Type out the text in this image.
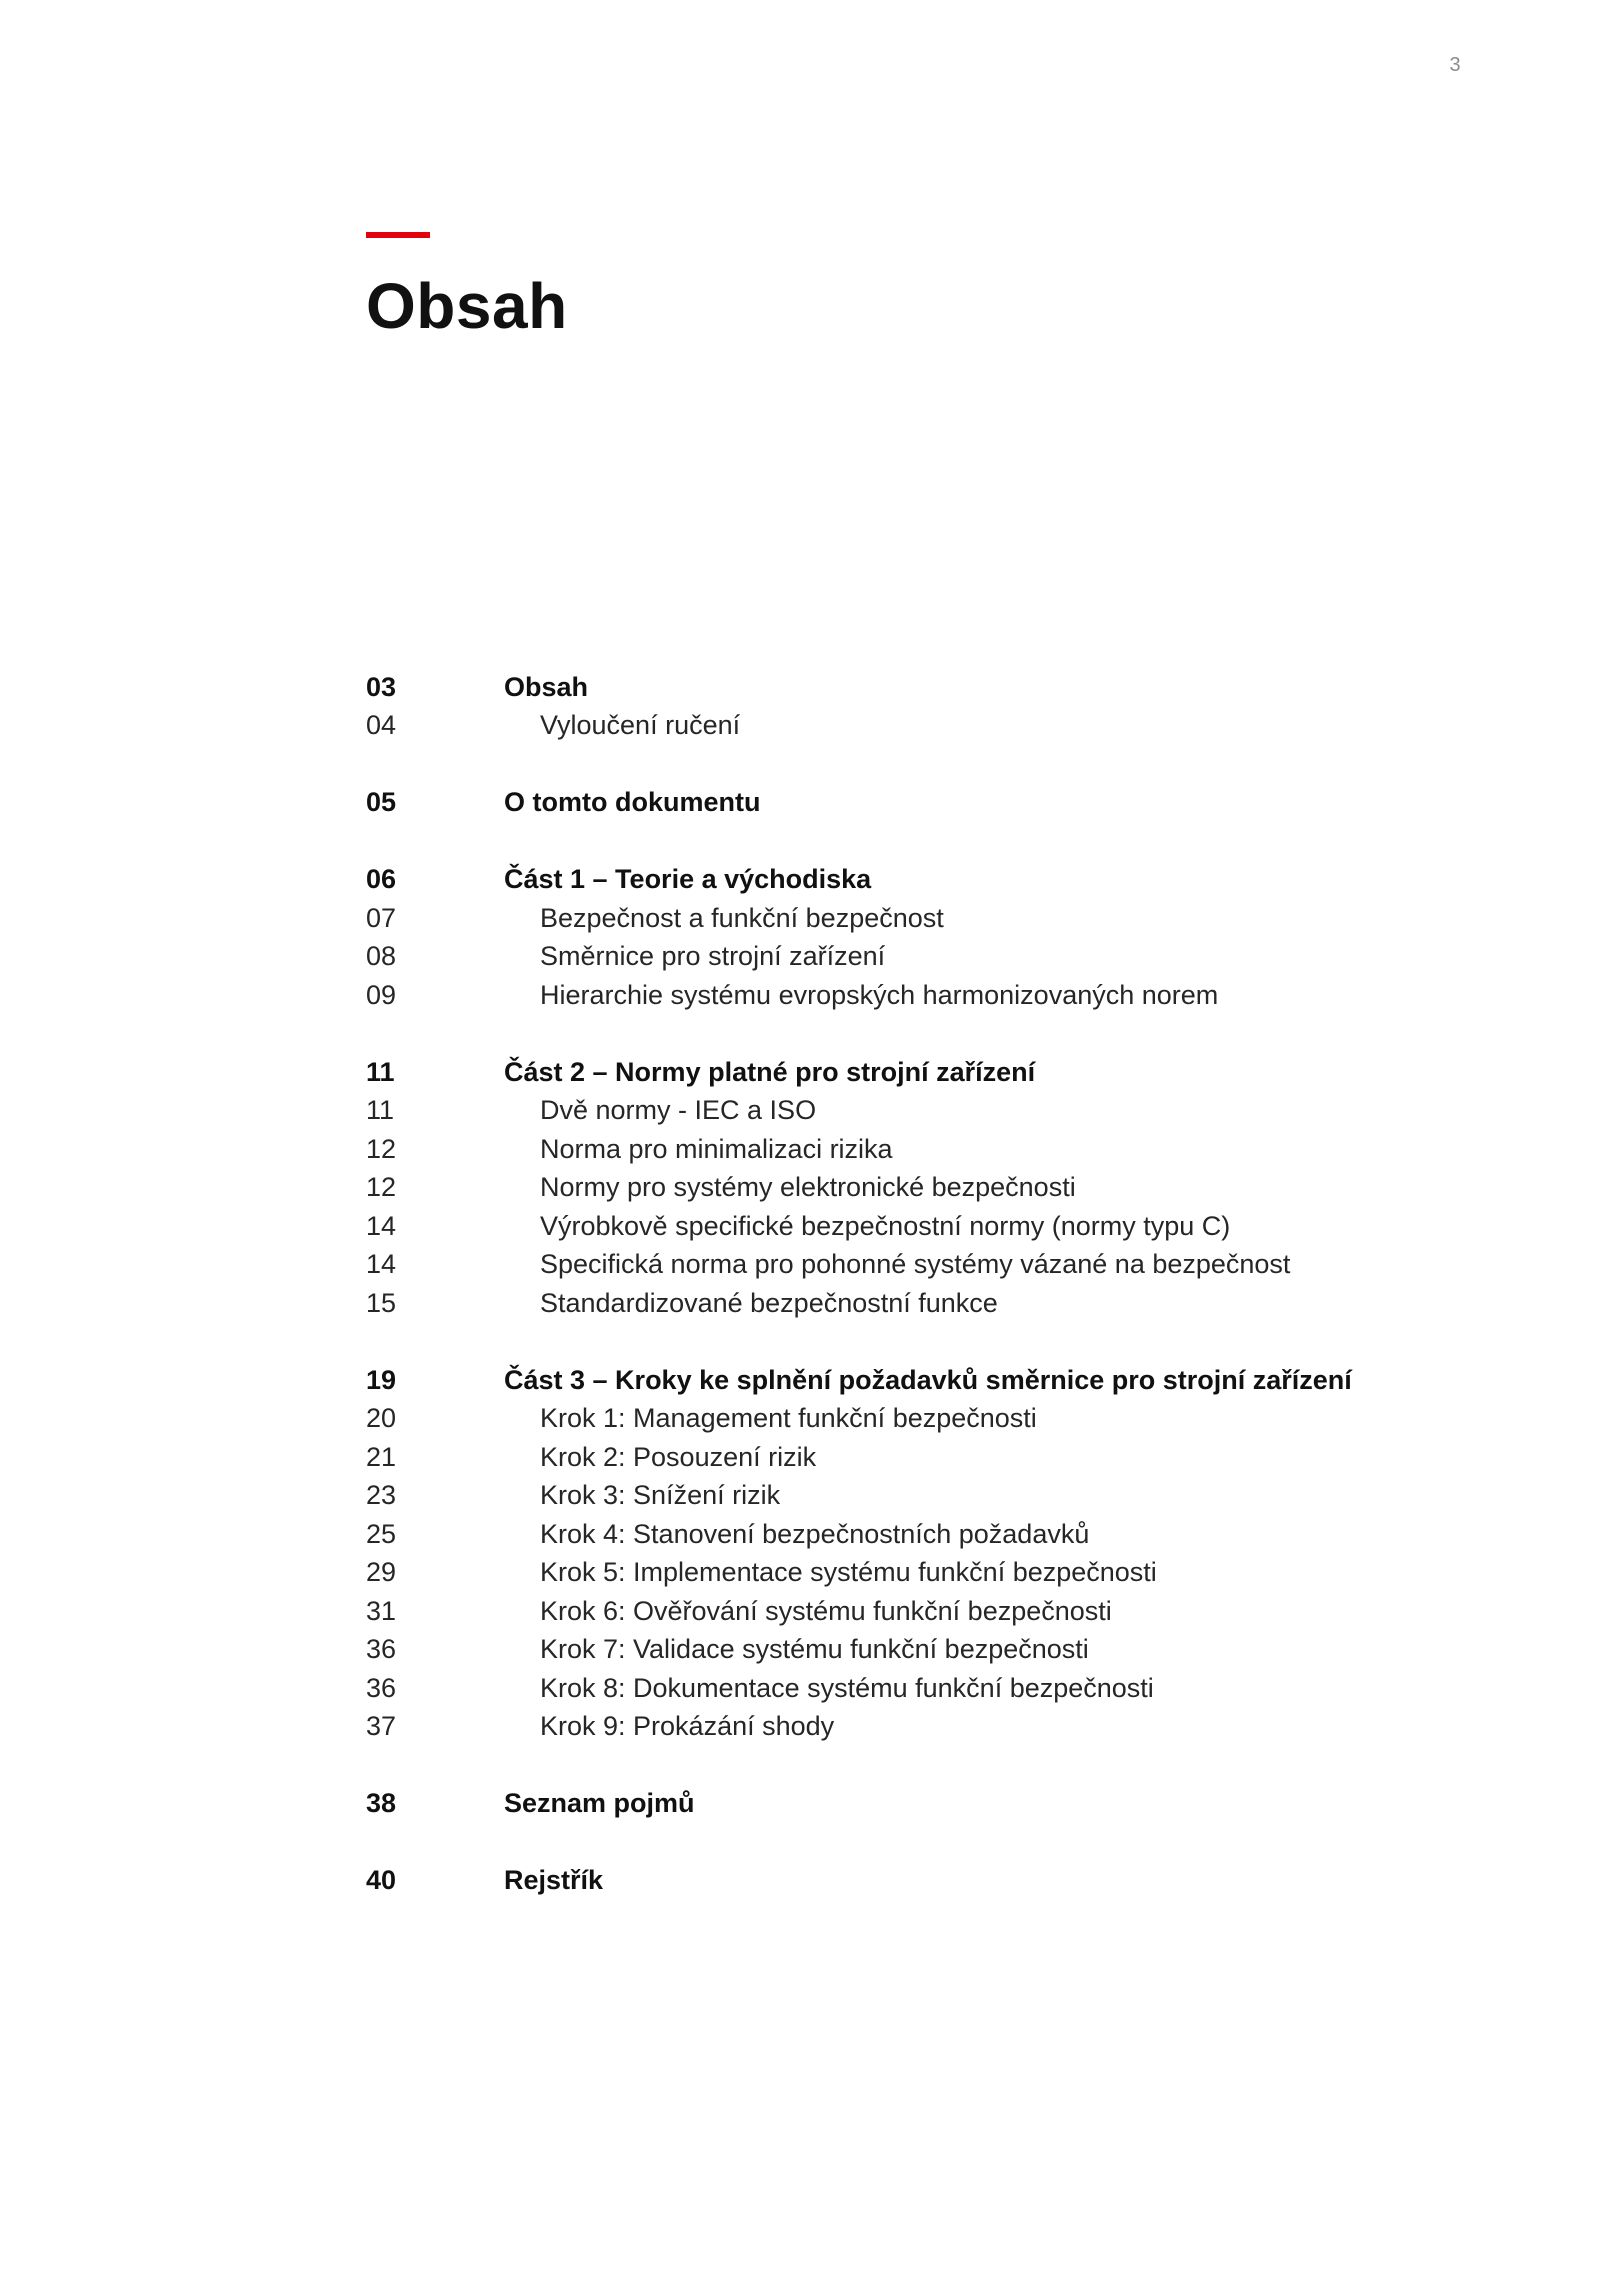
3
Obsah
03	Obsah
04	Vyloučení ručení
05	O tomto dokumentu
06	Část 1 – Teorie a východiska
07	Bezpečnost a funkční bezpečnost
08	Směrnice pro strojní zařízení
09	Hierarchie systému evropských harmonizovaných norem
11	Část 2 – Normy platné pro strojní zařízení
11	Dvě normy - IEC a ISO
12	Norma pro minimalizaci rizika
12	Normy pro systémy elektronické bezpečnosti
14	Výrobkově specifické bezpečnostní normy (normy typu C)
14	Specifická norma pro pohonné systémy vázané na bezpečnost
15	Standardizované bezpečnostní funkce
19	Část 3 – Kroky ke splnění požadavků směrnice pro strojní zařízení
20	Krok 1: Management funkční bezpečnosti
21	Krok 2: Posouzení rizik
23	Krok 3: Snížení rizik
25	Krok 4: Stanovení bezpečnostních požadavků
29	Krok 5: Implementace systému funkční bezpečnosti
31	Krok 6: Ověřování systému funkční bezpečnosti
36	Krok 7: Validace systému funkční bezpečnosti
36	Krok 8: Dokumentace systému funkční bezpečnosti
37	Krok 9: Prokázání shody
38	Seznam pojmů
40	Rejstřík
